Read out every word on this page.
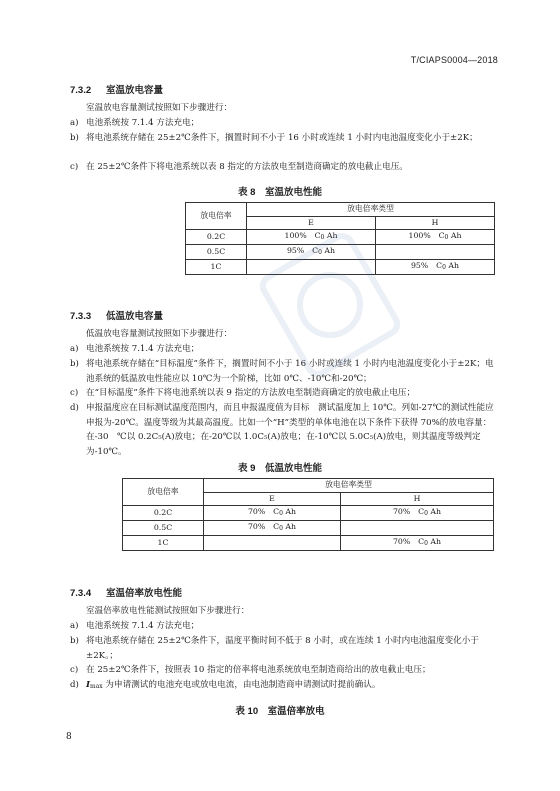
T/CIAPS0004—2018
7.3.2 室温放电容量
室温放电容量测试按照如下步骤进行：
a) 电池系统按 7.1.4 方法充电；
b) 将电池系统存储在 25±2℃条件下，搁置时间不小于 16 小时或连续 1 小时内电池温度变化小于±2K；
c) 在 25±2℃条件下将电池系统以表 8 指定的方法放电至制造商确定的放电截止电压。
表 8　室温放电性能
放电倍率	放电倍率类型	
	E	H
0.2C	100%　C0 Ah	100%　C0 Ah
0.5C	95%　C0 Ah	
1C		95%　C0 Ah
7.3.3 低温放电容量
低温放电容量测试按照如下步骤进行：
a) 电池系统按 7.1.4 方法充电；
b) 将电池系统存储在“目标温度”条件下，搁置时间不小于 16 小时或连续 1 小时内电池温度变化小于±2K；电池系统的低温放电性能应以 10℃为一个阶梯，比如 0℃、-10℃和-20℃；
c) 在“目标温度”条件下将电池系统以表 9 指定的方法放电至制造商确定的放电截止电压；
d) 申报温度应在目标测试温度范围内，而且申报温度值为目标　测试温度加上 10℃。列如-27℃的测试性能应申报为-20℃。温度等级为其最高温度。比如一个“H”类型的单体电池在以下条件下获得 70%的放电容量：在-30　℃以 0.2C₅(A)放电；在-20℃以 1.0C₅(A)放电；在-10℃以 5.0C₅(A)放电，则其温度等级判定为-10℃。
表 9　低温放电性能
放电倍率	放电倍率类型	
	E	H
0.2C	70%　C0 Ah	70%　C0 Ah
0.5C	70%　C0 Ah	
1C		70%　C0 Ah
7.3.4 室温倍率放电性能
室温倍率放电性能测试按照如下步骤进行：
a) 电池系统按 7.1.4 方法充电；
b) 将电池系统存储在 25±2℃条件下，温度平衡时间不低于 8 小时，或在连续 1 小时内电池温度变化小于±2K。；
c) 在 25±2℃条件下，按照表 10 指定的倍率将电池系统放电至制造商给出的放电截止电压；
d) Imax 为申请测试的电池充电或放电电流，由电池制造商申请测试时提前确认。
表 10　室温倍率放电
8
